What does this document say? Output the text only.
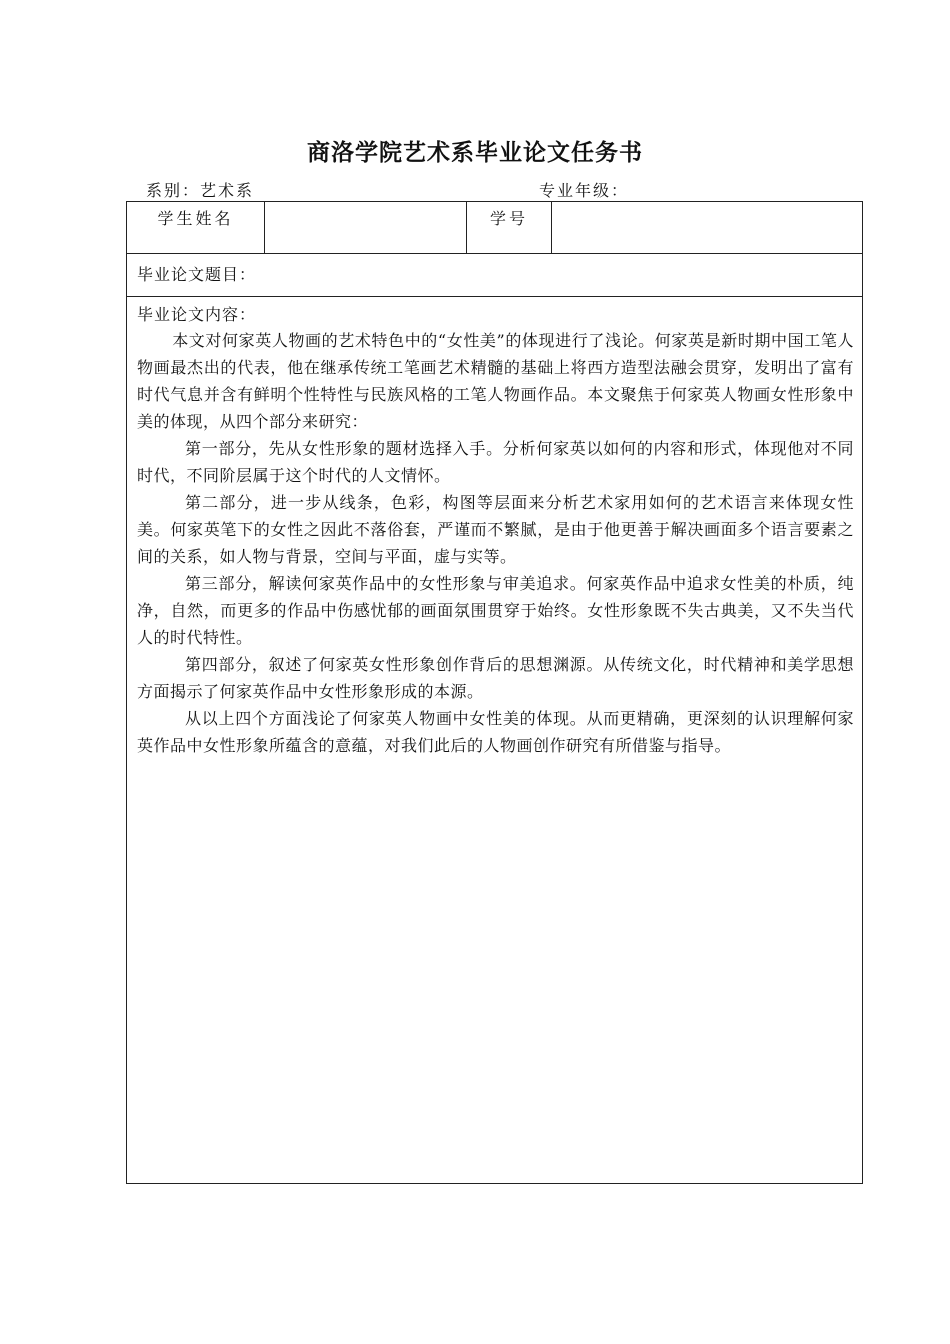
商洛学院艺术系毕业论文任务书
系别：艺术系	专业年级：
学生姓名		学号	
毕业论文题目：

毕业论文内容：

本文对何家英人物画的艺术特色中的“女性美”的体现进行了浅论。何家英是新时期中国工笔人物画最杰出的代表，他在继承传统工笔画艺术精髓的基础上将西方造型法融会贯穿，发明出了富有时代气息并含有鲜明个性特性与民族风格的工笔人物画作品。本文聚焦于何家英人物画女性形象中美的体现，从四个部分来研究：

第一部分，先从女性形象的题材选择入手。分析何家英以如何的内容和形式，体现他对不同时代，不同阶层属于这个时代的人文情怀。

第二部分，进一步从线条，色彩，构图等层面来分析艺术家用如何的艺术语言来体现女性美。何家英笔下的女性之因此不落俗套，严谨而不繁腻，是由于他更善于解决画面多个语言要素之间的关系，如人物与背景，空间与平面，虚与实等。

第三部分，解读何家英作品中的女性形象与审美追求。何家英作品中追求女性美的朴质，纯净，自然，而更多的作品中伤感忧郁的画面氛围贯穿于始终。女性形象既不失古典美，又不失当代人的时代特性。

第四部分，叙述了何家英女性形象创作背后的思想渊源。从传统文化，时代精神和美学思想方面揭示了何家英作品中女性形象形成的本源。

从以上四个方面浅论了何家英人物画中女性美的体现。从而更精确，更深刻的认识理解何家英作品中女性形象所蕴含的意蕴，对我们此后的人物画创作研究有所借鉴与指导。
